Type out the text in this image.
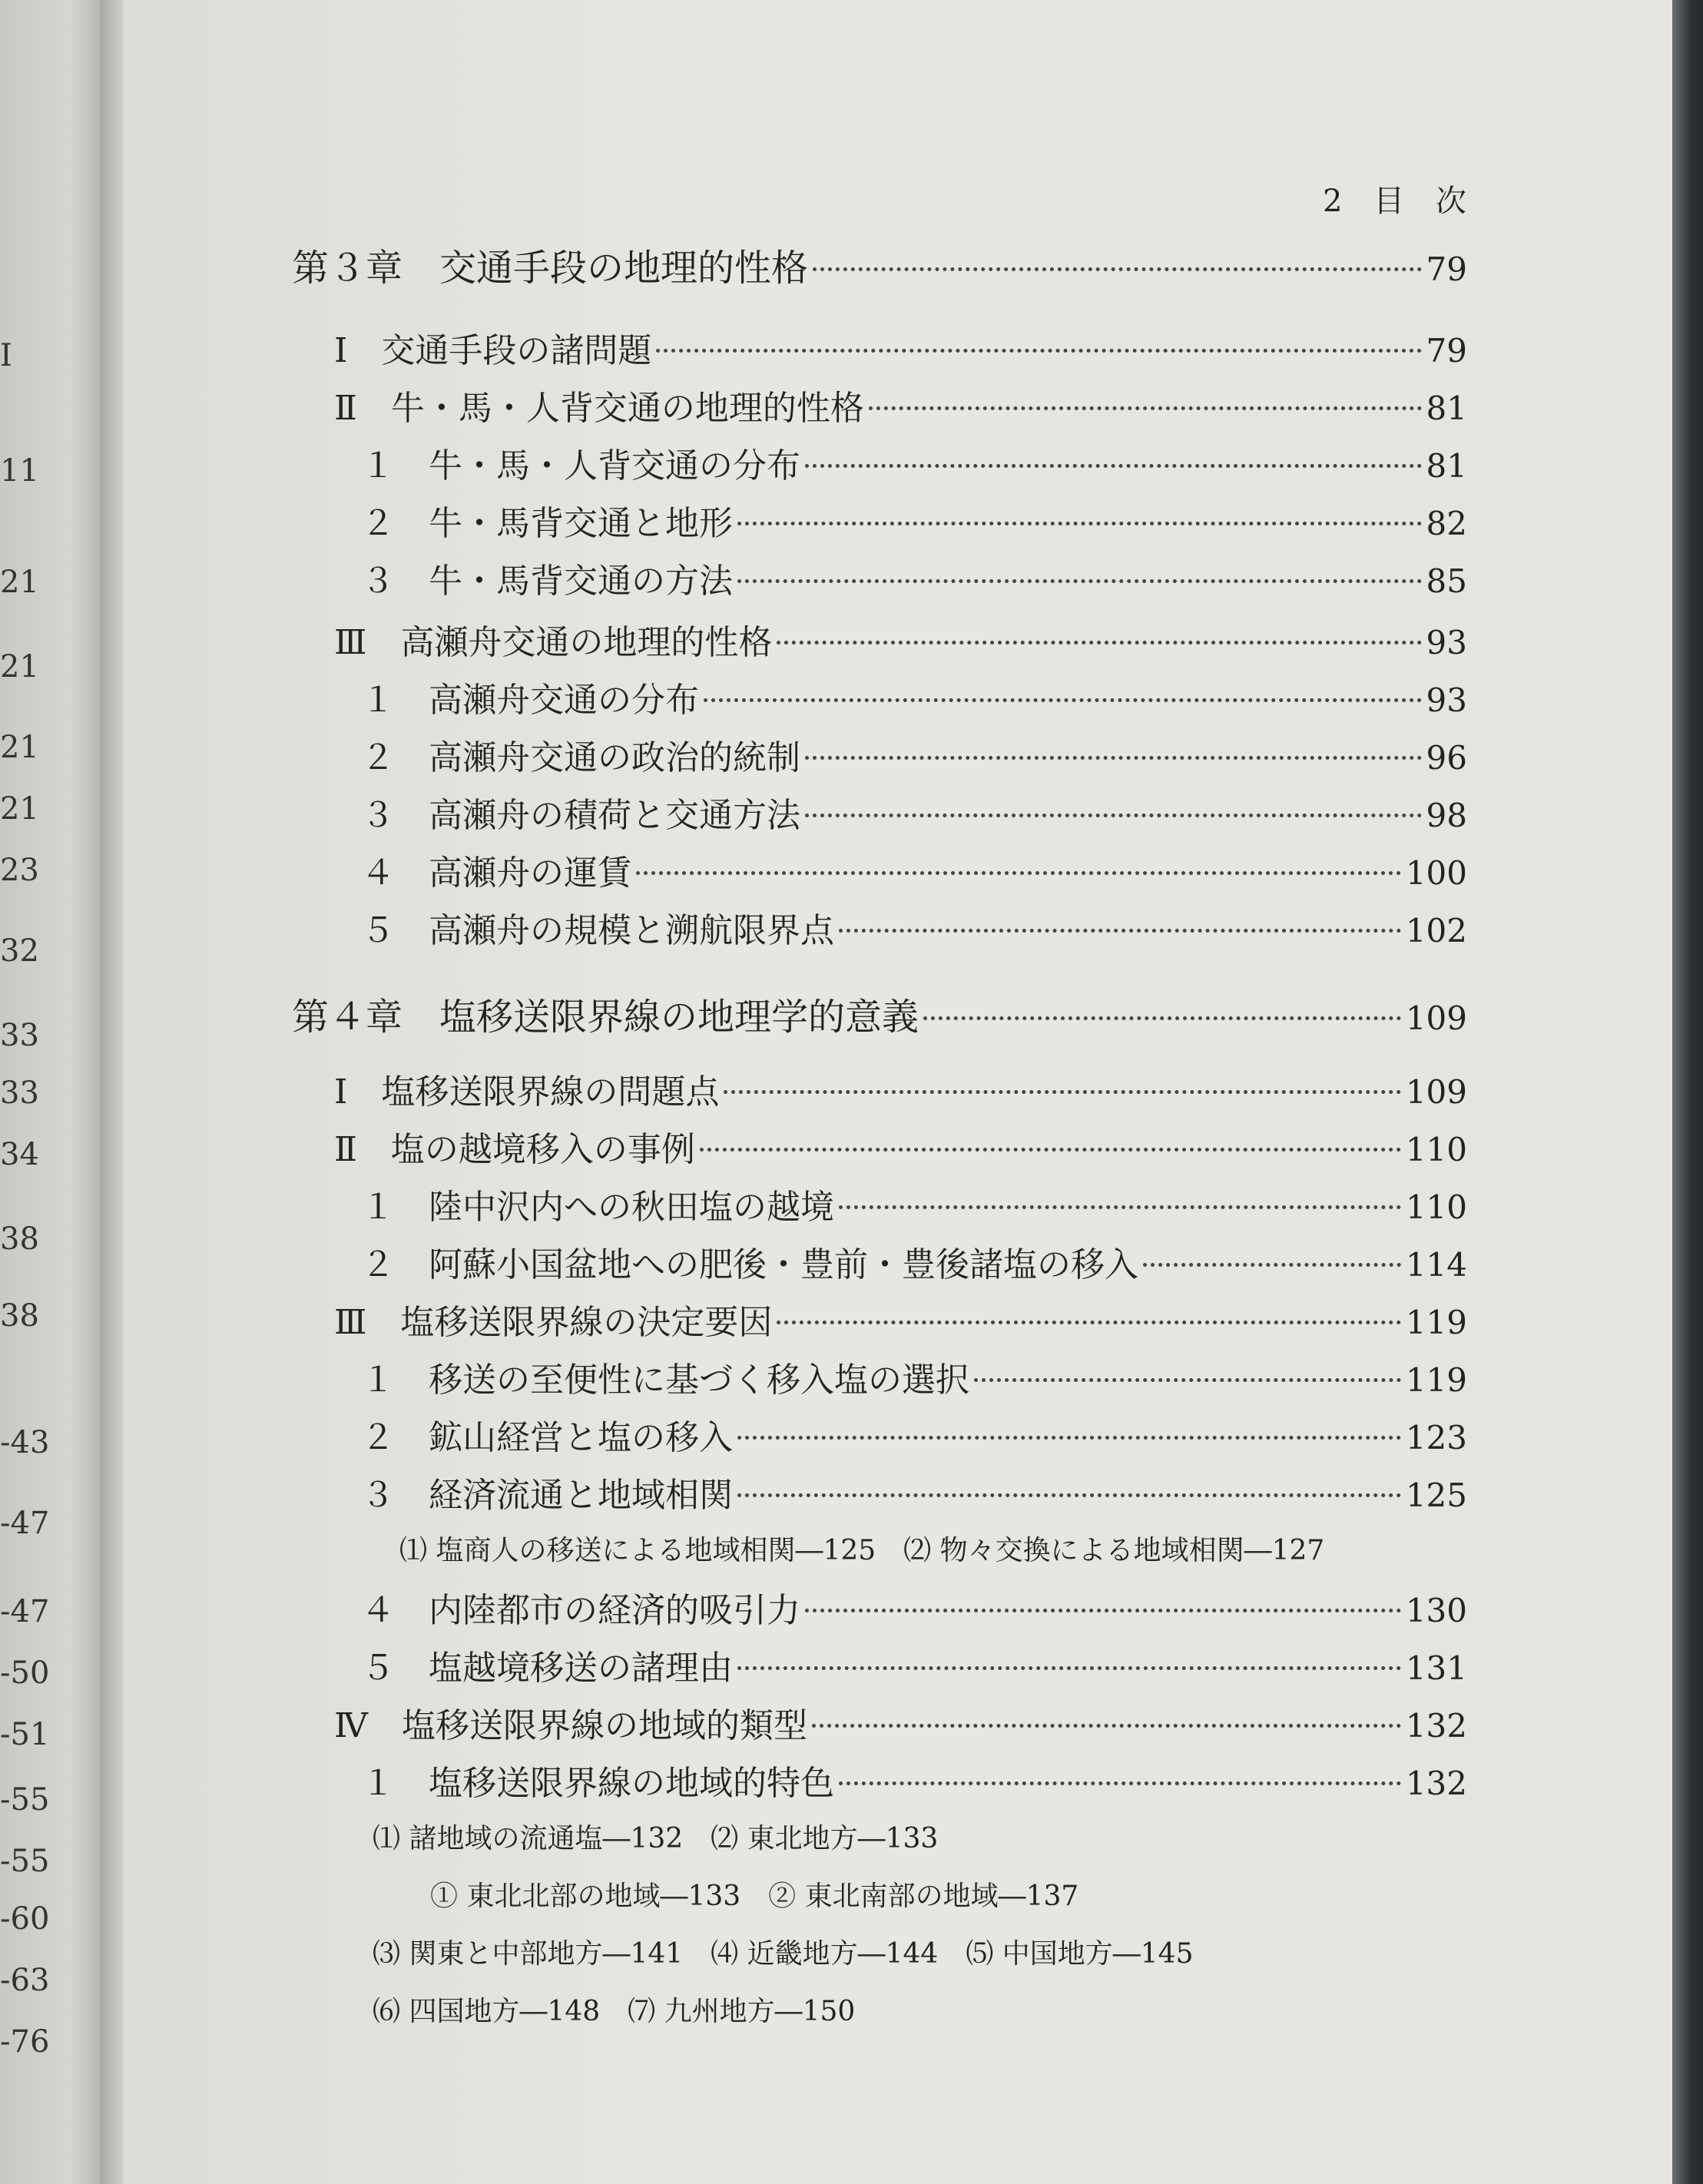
I
11
21
21
21
21
23
32
33
33
34
38
38
-43
-47
-47
-50
-51
-55
-55
-60
-63
-76
2 目 次
第３章　交通手段の地理的性格	79
Ⅰ　交通手段の諸問題	79
Ⅱ　牛・馬・人背交通の地理的性格	81
１　牛・馬・人背交通の分布	81
２　牛・馬背交通と地形	82
３　牛・馬背交通の方法	85
Ⅲ　高瀬舟交通の地理的性格	93
１　高瀬舟交通の分布	93
２　高瀬舟交通の政治的統制	96
３　高瀬舟の積荷と交通方法	98
４　高瀬舟の運賃	100
５　高瀬舟の規模と溯航限界点	102
第４章　塩移送限界線の地理学的意義	109
Ⅰ　塩移送限界線の問題点	109
Ⅱ　塩の越境移入の事例	110
１　陸中沢内への秋田塩の越境	110
２　阿蘇小国盆地への肥後・豊前・豊後諸塩の移入	114
Ⅲ　塩移送限界線の決定要因	119
１　移送の至便性に基づく移入塩の選択	119
２　鉱山経営と塩の移入	123
３　経済流通と地域相関	125
４　内陸都市の経済的吸引力	130
５　塩越境移送の諸理由	131
Ⅳ　塩移送限界線の地域的類型	132
１　塩移送限界線の地域的特色	132
⑴ 塩商人の移送による地域相関―125　⑵ 物々交換による地域相関―127
⑴ 諸地域の流通塩―132　⑵ 東北地方―133
① 東北北部の地域―133　② 東北南部の地域―137
⑶ 関東と中部地方―141　⑷ 近畿地方―144　⑸ 中国地方―145
⑹ 四国地方―148　⑺ 九州地方―150
